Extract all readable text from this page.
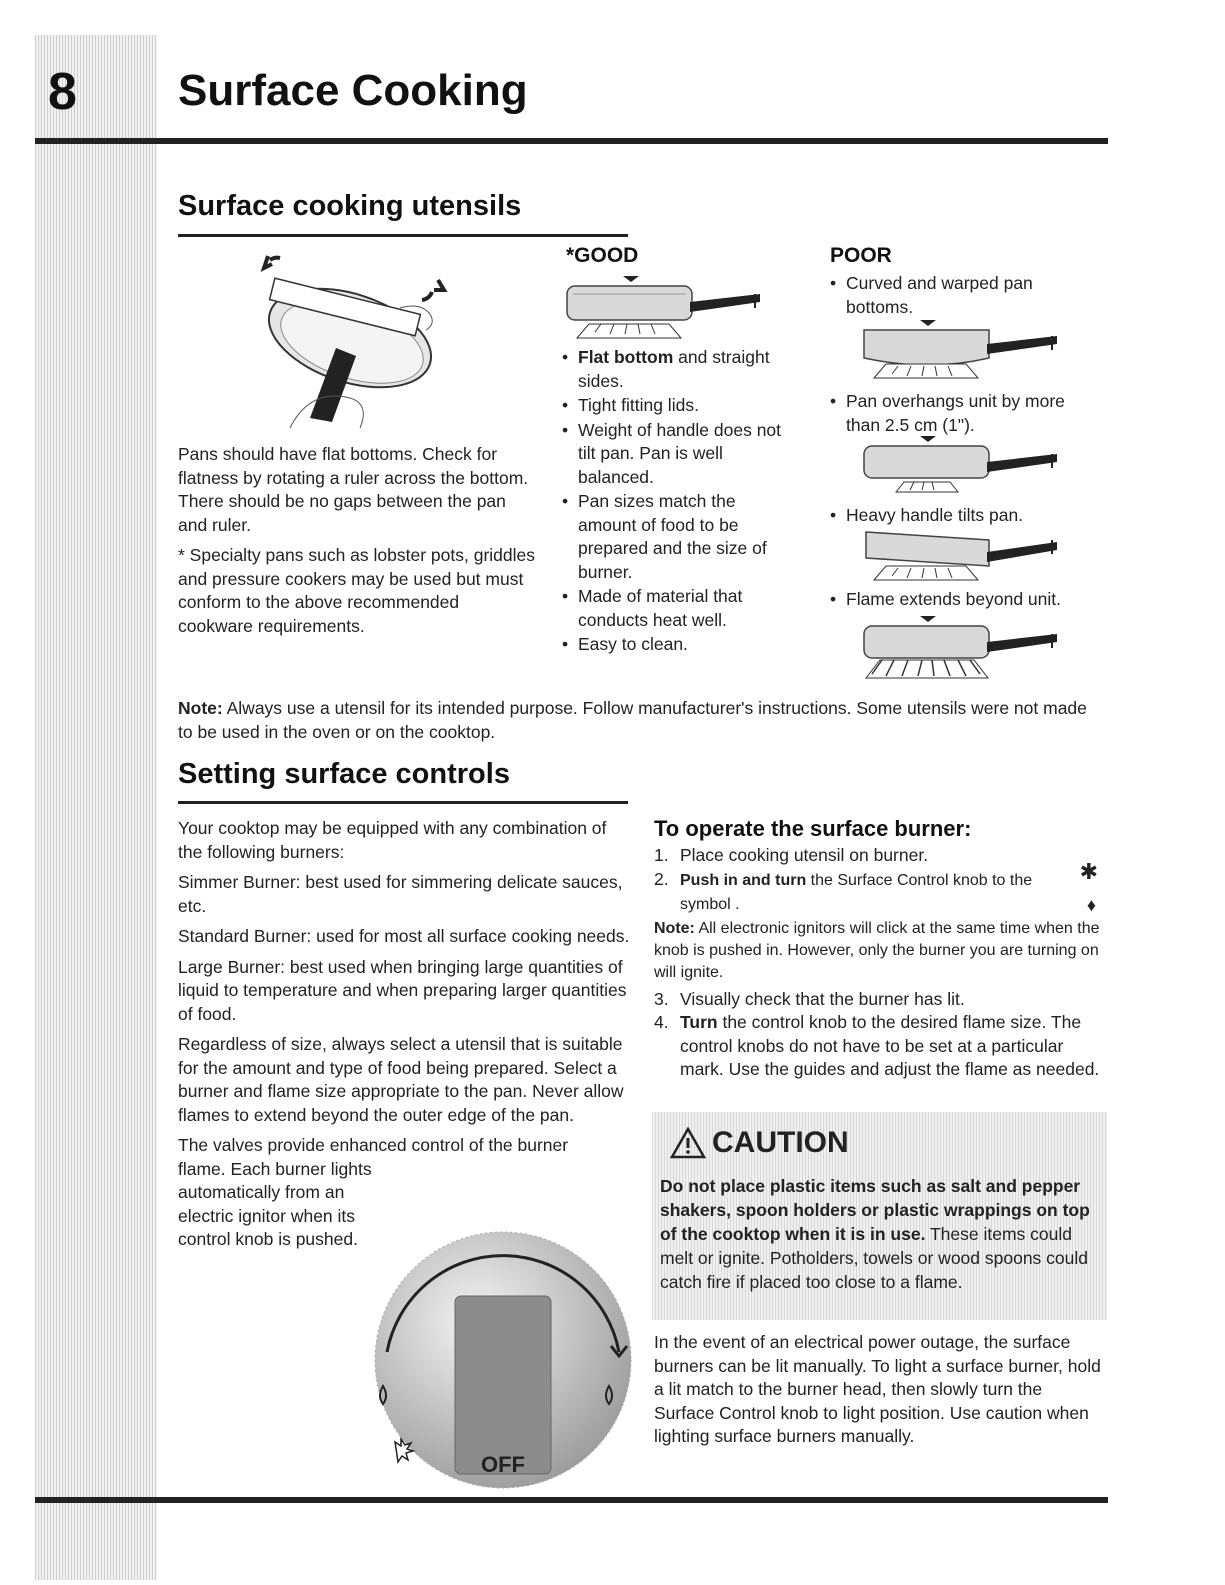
8 Surface Cooking
Surface cooking utensils

Pans should have flat bottoms. Check for flatness by rotating a ruler across the bottom. There should be no gaps between the pan and ruler.

* Specialty pans such as lobster pots, griddles and pressure cookers may be used but must conform to the above recommended cookware requirements.

*GOOD
• Flat bottom and straight sides.
• Tight fitting lids.
• Weight of handle does not tilt pan. Pan is well balanced.
• Pan sizes match the amount of food to be prepared and the size of burner.
• Made of material that conducts heat well.
• Easy to clean.
POOR
• Curved and warped pan bottoms.
• Pan overhangs unit by more than 2.5 cm (1").
• Heavy handle tilts pan.
• Flame extends beyond unit.
Note: Always use a utensil for its intended purpose. Follow manufacturer's instructions. Some utensils were not made to be used in the oven or on the cooktop.
Setting surface controls

Your cooktop may be equipped with any combination of the following burners:

Simmer Burner: best used for simmering delicate sauces, etc.

Standard Burner: used for most all surface cooking needs.

Large Burner: best used when bringing large quantities of liquid to temperature and when preparing larger quantities of food.

Regardless of size, always select a utensil that is suitable for the amount and type of food being prepared. Select a burner and flame size appropriate to the pan. Never allow flames to extend beyond the outer edge of the pan.

The valves provide enhanced control of the burner

flame. Each burner lights automatically from an electric ignitor when its control knob is pushed.

OFF
To operate the surface burner:
1. Place cooking utensil on burner.
2. Push in and turn the Surface Control knob to the ✱

symbol .	♦
Note: All electronic ignitors will click at the same time when the knob is pushed in. However, only the burner you are turning on will ignite.
3. Visually check that the burner has lit.
4. Turn the control knob to the desired flame size. The control knobs do not have to be set at a particular mark. Use the guides and adjust the flame as needed.
CAUTION
Do not place plastic items such as salt and pepper shakers, spoon holders or plastic wrappings on top of the cooktop when it is in use. These items could melt or ignite. Potholders, towels or wood spoons could catch fire if placed too close to a flame.
In the event of an electrical power outage, the surface burners can be lit manually. To light a surface burner, hold a lit match to the burner head, then slowly turn the Surface Control knob to light position. Use caution when lighting surface burners manually.
